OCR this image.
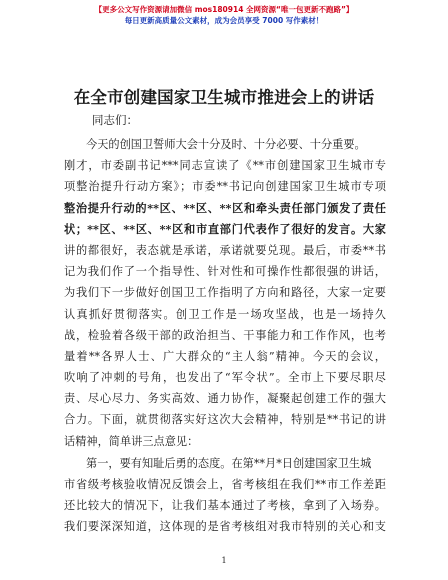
【更多公文写作资源请加微信 mos180914 全网资源“唯一包更新不跑路”】
每日更新高质量公文素材，成为会员享受 7000 写作素材！
在全市创建国家卫生城市推进会上的讲话
同志们：
今天的创国卫誓师大会十分及时、十分必要、十分重要。
刚才，市委副书记***同志宣读了《**市创建国家卫生城市专
项整治提升行动方案》；市委**书记向创建国家卫生城市专项
整治提升行动的**区、**区、**区和牵头责任部门颁发了责任
状；**区、**区、**区和市直部门代表作了很好的发言。大家
讲的都很好，表态就是承诺，承诺就要兑现。最后，市委**书
记为我们作了一个指导性、针对性和可操作性都很强的讲话，
为我们下一步做好创国卫工作指明了方向和路径，大家一定要
认真抓好贯彻落实。创卫工作是一场攻坚战，也是一场持久
战，检验着各级干部的政治担当、干事能力和工作作风，也考
量着**各界人士、广大群众的“主人翁”精神。今天的会议，
吹响了冲刺的号角，也发出了“军令状”。全市上下要尽职尽
责、尽心尽力、务实高效、通力协作，凝聚起创建工作的强大
合力。下面，就贯彻落实好这次大会精神，特别是**书记的讲
话精神，简单讲三点意见：
第一，要有知耻后勇的态度。在第**月*日创建国家卫生城
市省级考核验收情况反馈会上，省考核组在我们**市工作差距
还比较大的情况下，让我们基本通过了考核，拿到了入场券。
我们要深深知道，这体现的是省考核组对我市特别的关心和支
1
